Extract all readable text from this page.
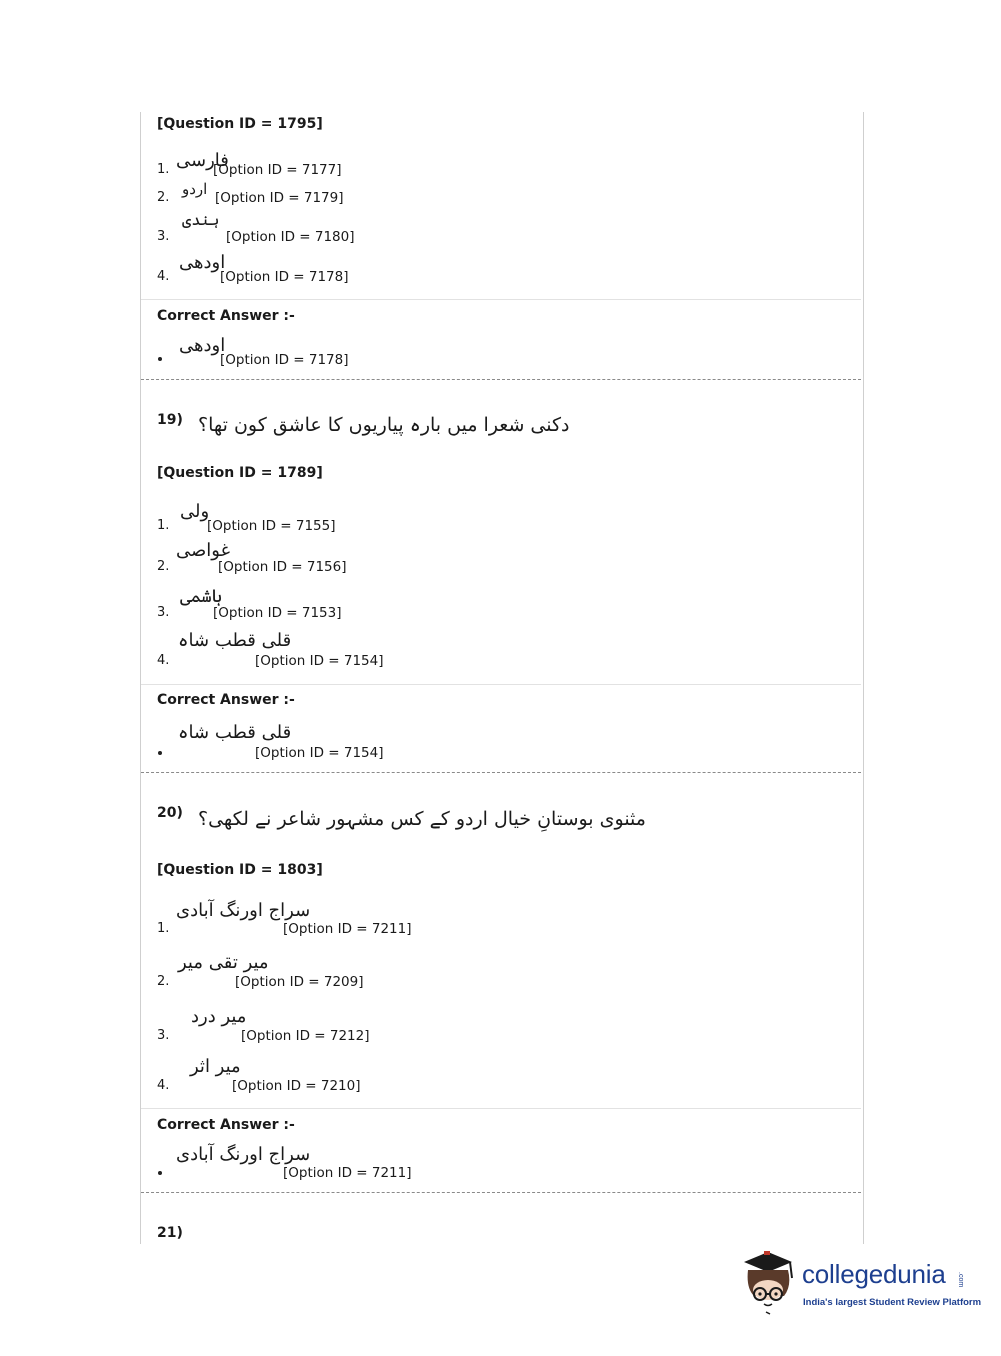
[Question ID = 1795]
1. فارسی
[Option ID = 7177]
2. اردو [Option ID = 7179]
3.
ہندی
[Option ID = 7180]
4.
اودھی
[Option ID = 7178]
Correct Answer :-
اودھی
[Option ID = 7178]
19) دکنی شعرا میں بارہ پیاریوں کا عاشق کون تھا؟
[Question ID = 1789]
1.
ولی
[Option ID = 7155]
2.
غواصی
[Option ID = 7156]
3.
ہاشمی
[Option ID = 7153]
4.
قلی قطب شاہ
[Option ID = 7154]
Correct Answer :-
قلی قطب شاہ
[Option ID = 7154]
20) مثنوی بوستانِ خیال اردو کے کس مشہور شاعر نے لکھی؟
[Question ID = 1803]
1.
سراج اورنگ آبادی
[Option ID = 7211]
2.
میر تقی میر
[Option ID = 7209]
3.
میر درد
[Option ID = 7212]
4.
میر اثر
[Option ID = 7210]
Correct Answer :-
سراج اورنگ آبادی
[Option ID = 7211]
21)
collegedunia .com
India's largest Student Review Platform
